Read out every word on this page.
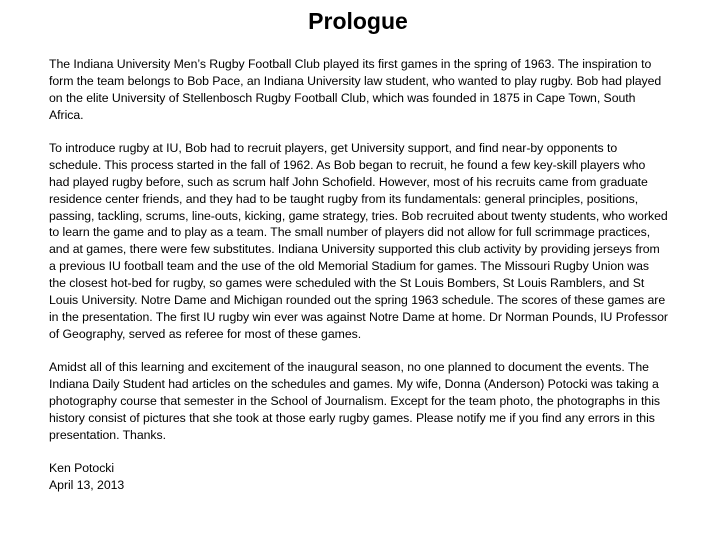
Prologue

The Indiana University Men’s Rugby Football Club played its first games in the spring of 1963. The inspiration to form the team belongs to Bob Pace, an Indiana University law student, who wanted to play rugby. Bob had played on the elite University of Stellenbosch Rugby Football Club, which was founded in 1875 in Cape Town, South Africa.

To introduce rugby at IU, Bob had to recruit players, get University support, and find near-by opponents to schedule. This process started in the fall of 1962. As Bob began to recruit, he found a few key-skill players who had played rugby before, such as scrum half John Schofield. However, most of his recruits came from graduate residence center friends, and they had to be taught rugby from its fundamentals: general principles, positions, passing, tackling, scrums, line-outs, kicking, game strategy, tries. Bob recruited about twenty students, who worked to learn the game and to play as a team. The small number of players did not allow for full scrimmage practices, and at games, there were few substitutes. Indiana University supported this club activity by providing jerseys from a previous IU football team and the use of the old Memorial Stadium for games. The Missouri Rugby Union was the closest hot-bed for rugby, so games were scheduled with the St Louis Bombers, St Louis Ramblers, and St Louis University. Notre Dame and Michigan rounded out the spring 1963 schedule. The scores of these games are in the presentation. The first IU rugby win ever was against Notre Dame at home. Dr Norman Pounds, IU Professor of Geography, served as referee for most of these games.

Amidst all of this learning and excitement of the inaugural season, no one planned to document the events. The Indiana Daily Student had articles on the schedules and games. My wife, Donna (Anderson) Potocki was taking a photography course that semester in the School of Journalism. Except for the team photo, the photographs in this history consist of pictures that she took at those early rugby games. Please notify me if you find any errors in this presentation. Thanks.

Ken Potocki
April 13, 2013
